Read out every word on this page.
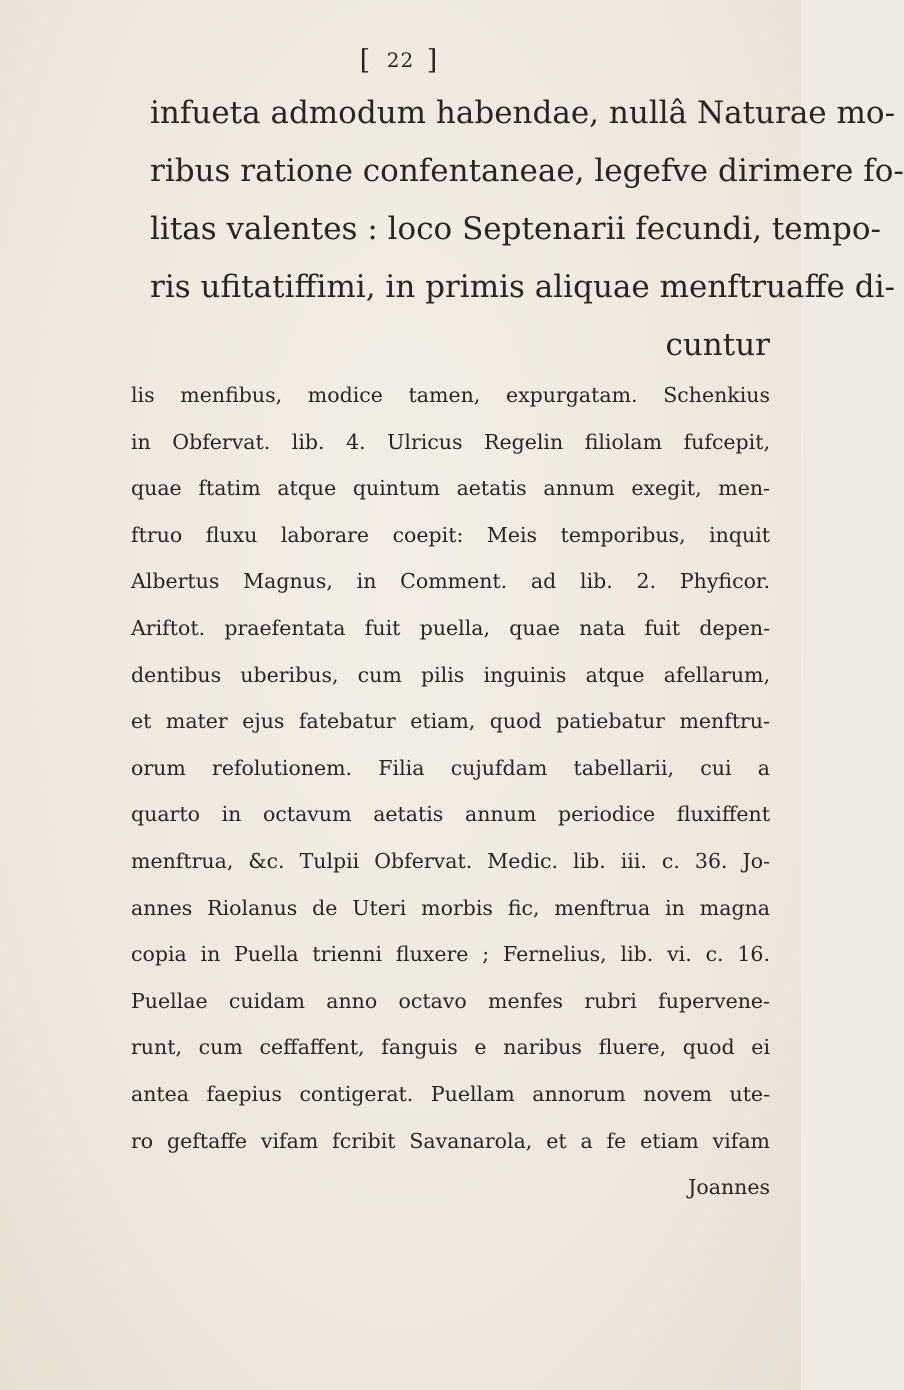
[ 22 ]
infueta admodum habendae, nullâ Naturae mo-
ribus ratione confentaneae, legefve dirimere fo-
litas valentes : loco Septenarii fecundi, tempo-
ris ufitatiffimi, in primis aliquae menftruaffe di-
cuntur
lis menfibus, modice tamen, expurgatam. Schenkius
in Obfervat. lib. 4. Ulricus Regelin filiolam fufcepit,
quae ftatim atque quintum aetatis annum exegit, men-
ftruo fluxu laborare coepit: Meis temporibus, inquit
Albertus Magnus, in Comment. ad lib. 2. Phyficor.
Ariftot. praefentata fuit puella, quae nata fuit depen-
dentibus uberibus, cum pilis inguinis atque afellarum,
et mater ejus fatebatur etiam, quod patiebatur menftru-
orum refolutionem. Filia cujufdam tabellarii, cui a
quarto in octavum aetatis annum periodice fluxiffent
menftrua, &c. Tulpii Obfervat. Medic. lib. iii. c. 36. Jo-
annes Riolanus de Uteri morbis fic, menftrua in magna
copia in Puella trienni fluxere ; Fernelius, lib. vi. c. 16.
Puellae cuidam anno octavo menfes rubri fupervene-
runt, cum ceffaffent, fanguis e naribus fluere, quod ei
antea faepius contigerat. Puellam annorum novem ute-
ro geftaffe vifam fcribit Savanarola, et a fe etiam vifam
Joannes
